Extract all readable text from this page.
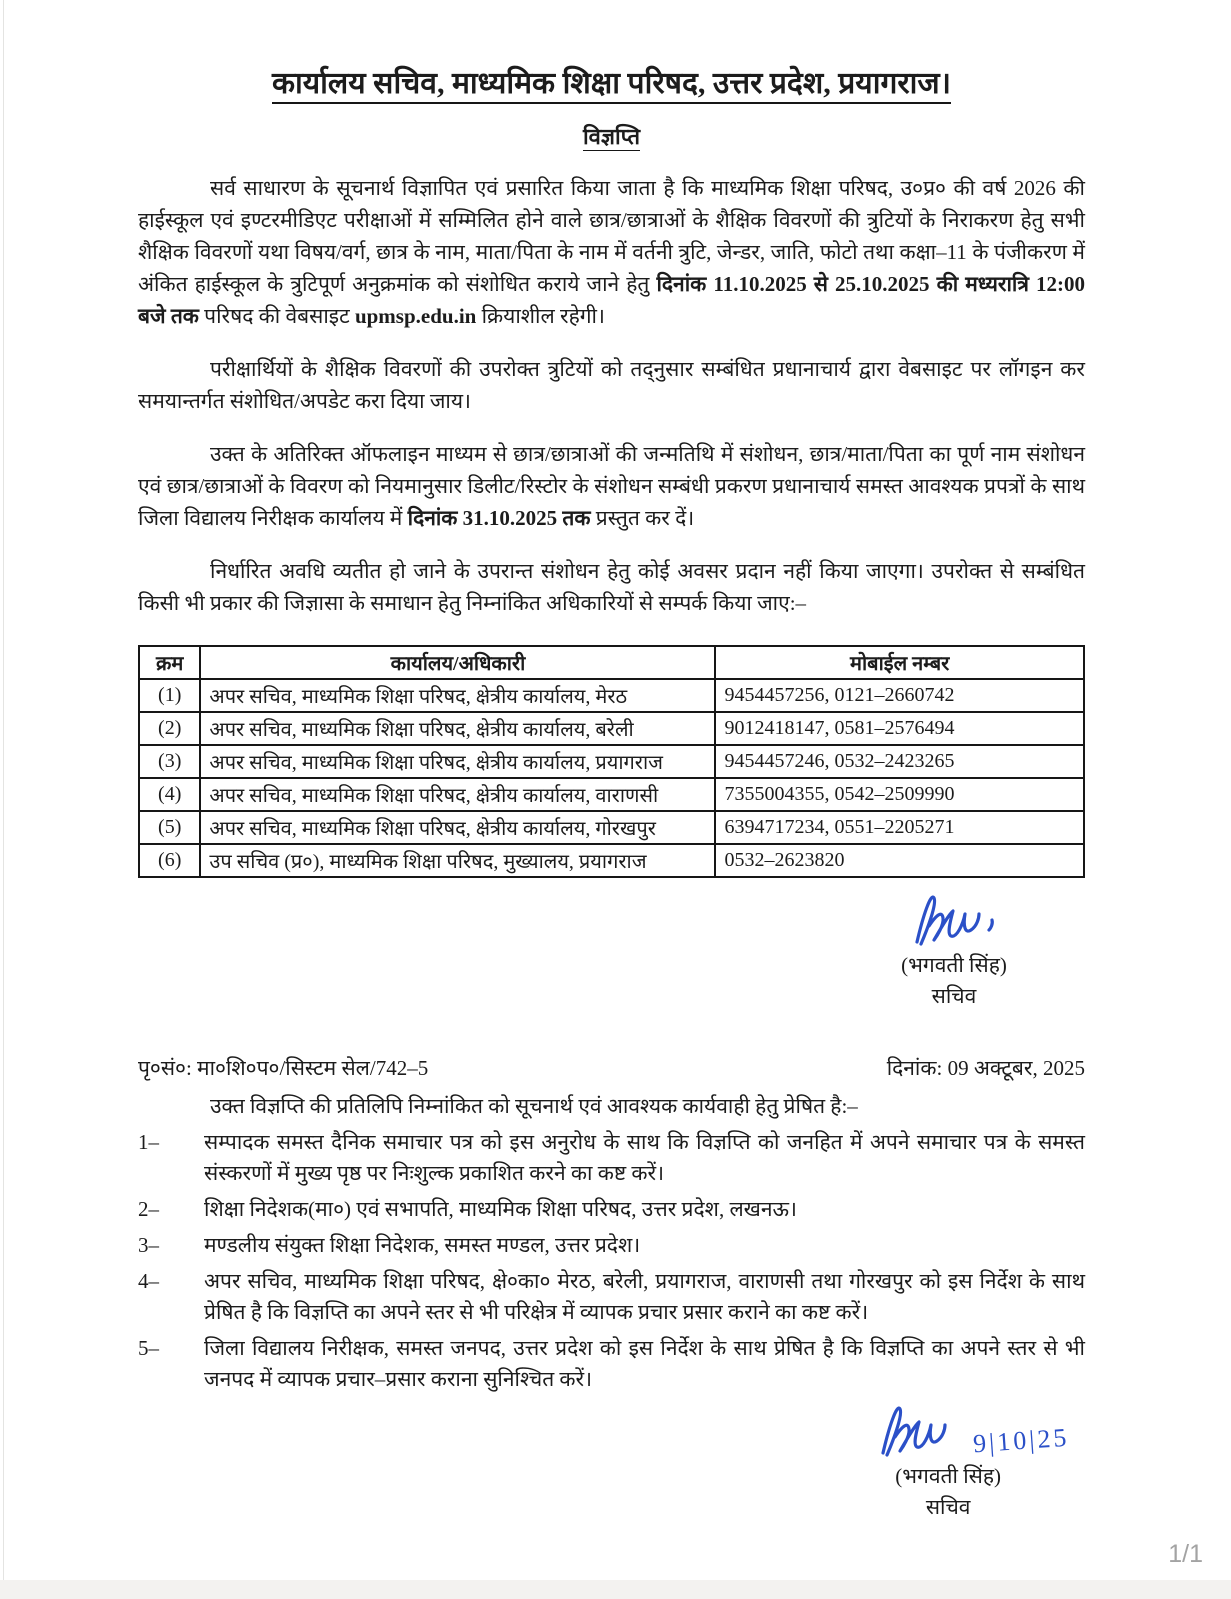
कार्यालय सचिव, माध्यमिक शिक्षा परिषद, उत्तर प्रदेश, प्रयागराज।
विज्ञप्ति

सर्व साधारण के सूचनार्थ विज्ञापित एवं प्रसारित किया जाता है कि माध्यमिक शिक्षा परिषद, उ०प्र० की वर्ष 2026 की हाईस्कूल एवं इण्टरमीडिएट परीक्षाओं में सम्मिलित होने वाले छात्र/छात्राओं के शैक्षिक विवरणों की त्रुटियों के निराकरण हेतु सभी शैक्षिक विवरणों यथा विषय/वर्ग, छात्र के नाम, माता/पिता के नाम में वर्तनी त्रुटि, जेन्डर, जाति, फोटो तथा कक्षा–11 के पंजीकरण में अंकित हाईस्कूल के त्रुटिपूर्ण अनुक्रमांक को संशोधित कराये जाने हेतु दिनांक 11.10.2025 से 25.10.2025 की मध्यरात्रि 12:00 बजे तक परिषद की वेबसाइट upmsp.edu.in क्रियाशील रहेगी।

परीक्षार्थियों के शैक्षिक विवरणों की उपरोक्त त्रुटियों को तद्नुसार सम्बंधित प्रधानाचार्य द्वारा वेबसाइट पर लॉगइन कर समयान्तर्गत संशोधित/अपडेट करा दिया जाय।

उक्त के अतिरिक्त ऑफलाइन माध्यम से छात्र/छात्राओं की जन्मतिथि में संशोधन, छात्र/माता/पिता का पूर्ण नाम संशोधन एवं छात्र/छात्राओं के विवरण को नियमानुसार डिलीट/रिस्टोर के संशोधन सम्बंधी प्रकरण प्रधानाचार्य समस्त आवश्यक प्रपत्रों के साथ जिला विद्यालय निरीक्षक कार्यालय में दिनांक 31.10.2025 तक प्रस्तुत कर दें।

निर्धारित अवधि व्यतीत हो जाने के उपरान्त संशोधन हेतु कोई अवसर प्रदान नहीं किया जाएगा। उपरोक्त से सम्बंधित किसी भी प्रकार की जिज्ञासा के समाधान हेतु निम्नांकित अधिकारियों से सम्पर्क किया जाए:–

क्रम	कार्यालय/अधिकारी	मोबाईल नम्बर
(1)	अपर सचिव, माध्यमिक शिक्षा परिषद, क्षेत्रीय कार्यालय, मेरठ	9454457256, 0121–2660742
(2)	अपर सचिव, माध्यमिक शिक्षा परिषद, क्षेत्रीय कार्यालय, बरेली	9012418147, 0581–2576494
(3)	अपर सचिव, माध्यमिक शिक्षा परिषद, क्षेत्रीय कार्यालय, प्रयागराज	9454457246, 0532–2423265
(4)	अपर सचिव, माध्यमिक शिक्षा परिषद, क्षेत्रीय कार्यालय, वाराणसी	7355004355, 0542–2509990
(5)	अपर सचिव, माध्यमिक शिक्षा परिषद, क्षेत्रीय कार्यालय, गोरखपुर	6394717234, 0551–2205271
(6)	उप सचिव (प्र०), माध्यमिक शिक्षा परिषद, मुख्यालय, प्रयागराज	0532–2623820
(भगवती सिंह)
सचिव
पृ०सं०: मा०शि०प०/सिस्टम सेल/742–5	दिनांक: 09 अक्टूबर, 2025
उक्त विज्ञप्ति की प्रतिलिपि निम्नांकित को सूचनार्थ एवं आवश्यक कार्यवाही हेतु प्रेषित है:–
1–	सम्पादक समस्त दैनिक समाचार पत्र को इस अनुरोध के साथ कि विज्ञप्ति को जनहित में अपने समाचार पत्र के समस्त संस्करणों में मुख्य पृष्ठ पर निःशुल्क प्रकाशित करने का कष्ट करें।
2–	शिक्षा निदेशक(मा०) एवं सभापति, माध्यमिक शिक्षा परिषद, उत्तर प्रदेश, लखनऊ।
3–	मण्डलीय संयुक्त शिक्षा निदेशक, समस्त मण्डल, उत्तर प्रदेश।
4–	अपर सचिव, माध्यमिक शिक्षा परिषद, क्षे०का० मेरठ, बरेली, प्रयागराज, वाराणसी तथा गोरखपुर को इस निर्देश के साथ प्रेषित है कि विज्ञप्ति का अपने स्तर से भी परिक्षेत्र में व्यापक प्रचार प्रसार कराने का कष्ट करें।
5–	जिला विद्यालय निरीक्षक, समस्त जनपद, उत्तर प्रदेश को इस निर्देश के साथ प्रेषित है कि विज्ञप्ति का अपने स्तर से भी जनपद में व्यापक प्रचार–प्रसार कराना सुनिश्चित करें।
9|10|25
(भगवती सिंह)
सचिव
1/1
